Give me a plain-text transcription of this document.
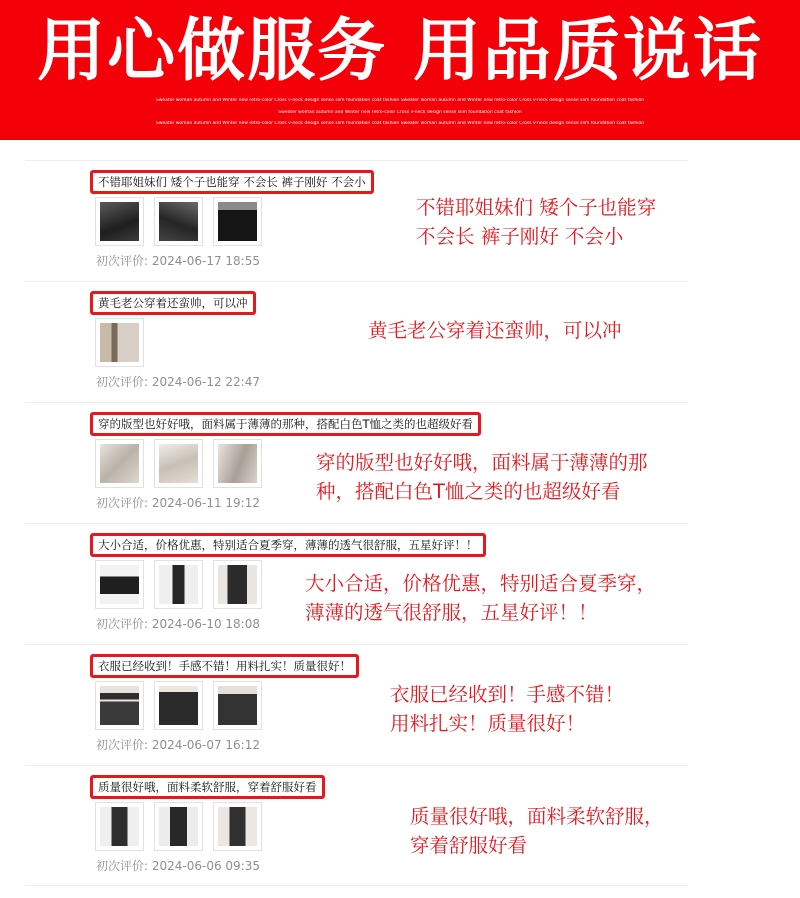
用心做服务 用品质说话
Sweater woman autumn and Winter new retro-color Cross v-neck design sense slim foundation coat fashion Sweater woman autumn and Winter new retro-color Cross v-neck design sense slim foundation coat fashion
Sweater woman autumn and Winter new retro-color Cross v-neck design sense slim foundation coat fashion
Sweater woman autumn and Winter new retro-color Cross v-neck design sense slim foundation coat fashion Sweater woman autumn and Winter new retro-color Cross v-neck design sense slim foundation coat fashion
不错耶姐妹们 矮个子也能穿 不会长 裤子刚好 不会小
初次评价: 2024-06-17 18:55
不错耶姐妹们 矮个子也能穿
不会长 裤子刚好 不会小
黄毛老公穿着还蛮帅，可以冲
初次评价: 2024-06-12 22:47
黄毛老公穿着还蛮帅，可以冲
穿的版型也好好哦，面料属于薄薄的那种，搭配白色T恤之类的也超级好看
初次评价: 2024-06-11 19:12
穿的版型也好好哦，面料属于薄薄的那
种，搭配白色T恤之类的也超级好看
大小合适，价格优惠，特别适合夏季穿，薄薄的透气很舒服，五星好评！！
初次评价: 2024-06-10 18:08
大小合适，价格优惠，特别适合夏季穿，
薄薄的透气很舒服，五星好评！！
衣服已经收到！手感不错！用料扎实！质量很好！
初次评价: 2024-06-07 16:12
衣服已经收到！手感不错！
用料扎实！质量很好！
质量很好哦，面料柔软舒服，穿着舒服好看
初次评价: 2024-06-06 09:35
质量很好哦，面料柔软舒服，
穿着舒服好看
